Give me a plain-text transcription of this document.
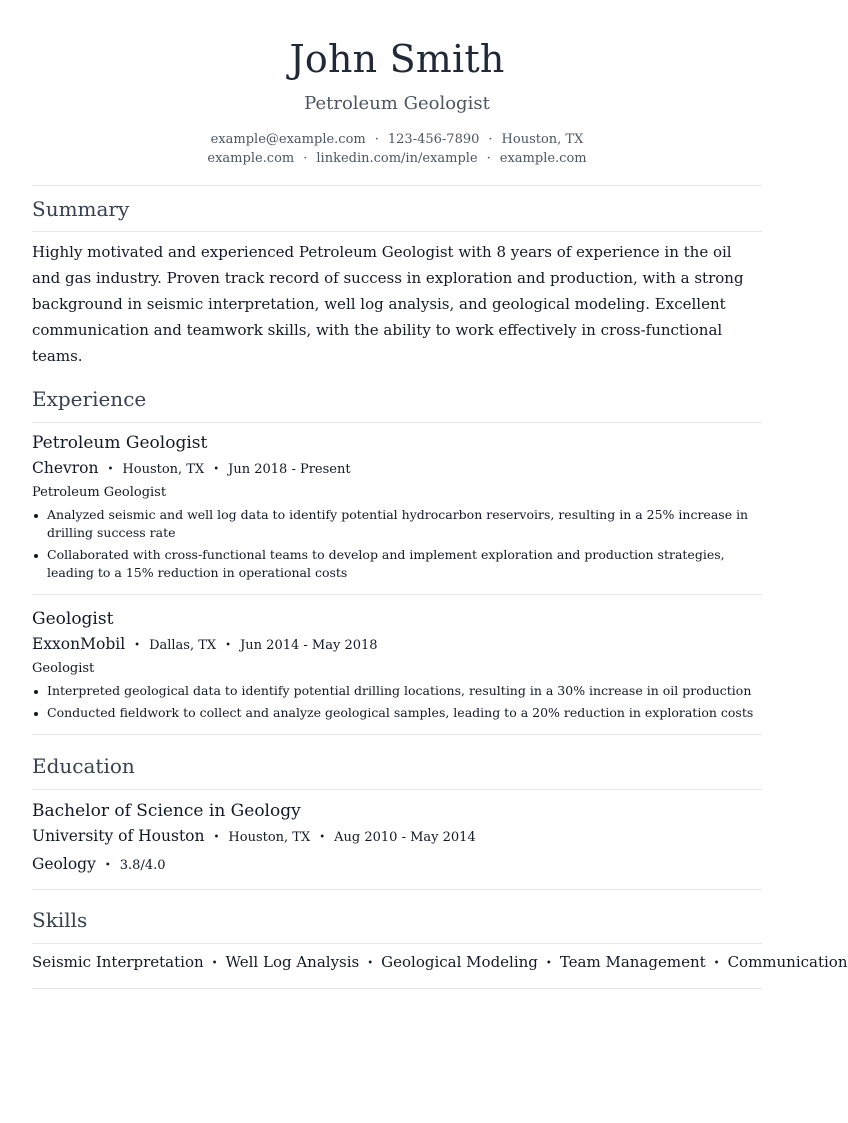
John Smith
Petroleum Geologist
example@example.com · 123-456-7890 · Houston, TX
example.com · linkedin.com/in/example · example.com
Summary

Highly motivated and experienced Petroleum Geologist with 8 years of experience in the oil and gas industry. Proven track record of success in exploration and production, with a strong background in seismic interpretation, well log analysis, and geological modeling. Excellent communication and teamwork skills, with the ability to work effectively in cross-functional teams.

Experience
Petroleum Geologist
Chevron • Houston, TX • Jun 2018 - Present
Petroleum Geologist
Analyzed seismic and well log data to identify potential hydrocarbon reservoirs, resulting in a 25% increase in drilling success rate
Collaborated with cross-functional teams to develop and implement exploration and production strategies, leading to a 15% reduction in operational costs
Geologist
ExxonMobil • Dallas, TX • Jun 2014 - May 2018
Geologist
Interpreted geological data to identify potential drilling locations, resulting in a 30% increase in oil production
Conducted fieldwork to collect and analyze geological samples, leading to a 20% reduction in exploration costs
Education
Bachelor of Science in Geology
University of Houston • Houston, TX • Aug 2010 - May 2014
Geology • 3.8/4.0
Skills
Seismic Interpretation • Well Log Analysis • Geological Modeling • Team Management • Communication
